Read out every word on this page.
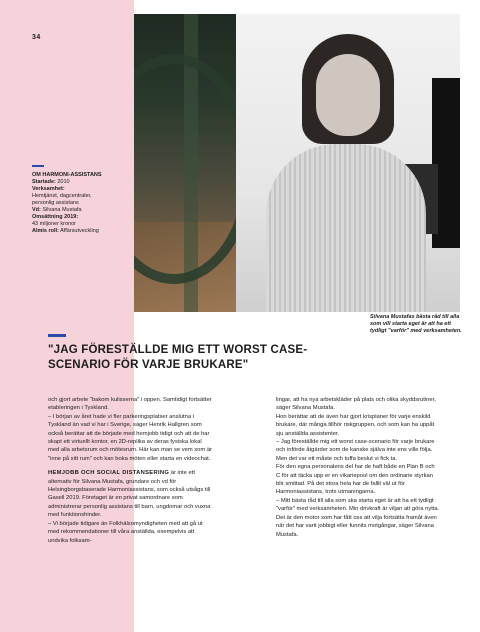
34
OM HARMONI-ASSISTANS
Startade: 2010
Verksamhet:
Hemtjänst, dagcentraler, personlig assistans
Vd: Silvana Mustafa
Omsättning 2019:
43 miljoner kronor
Almis roll: Affärsutveckling
Silvana Mustafas bästa råd till alla som vill starta eget är att ha ett tydligt "varför" med verksamheten.
"JAG FÖRESTÄLLDE MIG ETT WORST CASE-SCENARIO FÖR VARJE BRUKARE"

och gjort arbete "bakom kulisserna" i oppen. Samtidigt fortsätter etableringen i Tyskland.

– I början av året hade vi fler parkeringsplatser anslutna i Tyskland än vad vi har i Sverige, säger Henrik Hallgren som också berättar att de började med hemjobb tidigt och att de har skapt ett virtuellt kontor, en 2D-replika av deras fysiska lokal med alla arbetsrum och mötesrum. Här kan man se vem som är "inne på sitt rum" och kan boka möten eller starta en videochat.

HEMJOBB OCH SOCIAL DISTANSERING är inte ett alternativ för Silvana Mustafa, grundare och vd för Helsingborgsbaserade Harmoniassistans, som också utsågs till Gasell 2019. Företaget är en privat samordnare som administrerar personlig assistans till barn, ungdomar och vuxna med funktionshinder.

– Vi började tidigare än Folkhälsomyndigheten med att gå ut med rekommendationer till våra anställda, exempelvis att undvika folksam-

lingar, att ha nya arbetskläder på plats och olika skyddsrutiner, säger Silvana Mustafa.

Hon berättar att de även har gjort krisplaner för varje enskild brukare, där många tillhör riskgruppen, och som kan ha uppåt sju anställda assistenter.

– Jag föreställde mig ett worst case-scenario för varje brukare och införde åtgärder som de kanske själva inte ens ville följa. Men det var ett måste och tuffa beslut vi fick ta.

För den egna personalens del har de haft både en Plan B och C för att täcka upp er en vikariepool om den ordinarie styrkan blir smittad. På det stora hela har de fallit väl ut för Harmoniassistans, trots utmaningarna.

– Mitt bästa råd till alla som ska starta eget är att ha ett tydligt "varför" med verksamheten. Min drivkraft är viljan att göra nytta. Det är den motor som har fått oss att vilja fortsätta framåt även när det har varit jobbigt eller funnits motgångar, säger Silvana Mustafa.
